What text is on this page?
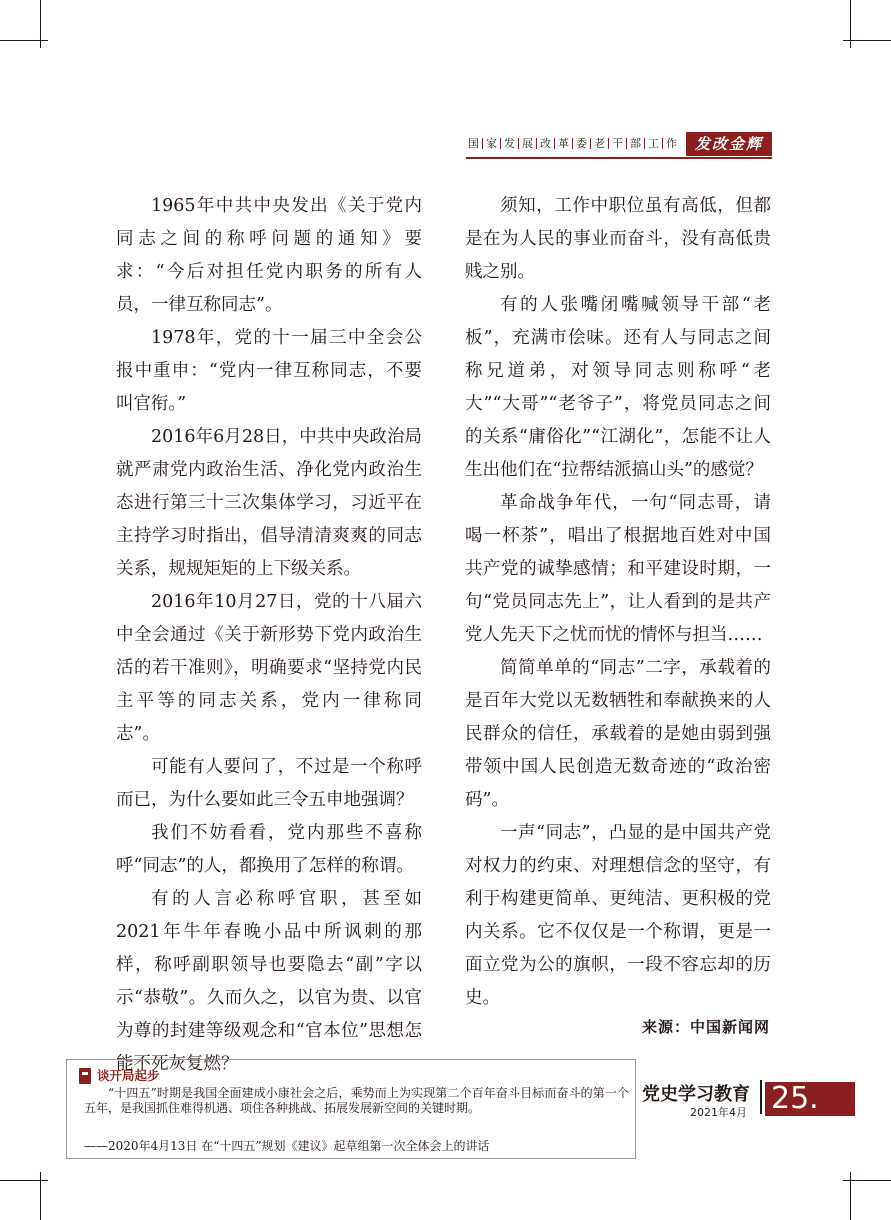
国 家 发 展 改 革 委 老 干 部 工 作	发改金辉

1965年中共中央发出《关于党内同志之间的称呼问题的通知》要求：“今后对担任党内职务的所有人员，一律互称同志”。

1978年，党的十一届三中全会公报中重申：“党内一律互称同志，不要叫官衔。”

2016年6月28日，中共中央政治局就严肃党内政治生活、净化党内政治生态进行第三十三次集体学习，习近平在主持学习时指出，倡导清清爽爽的同志关系，规规矩矩的上下级关系。

2016年10月27日，党的十八届六中全会通过《关于新形势下党内政治生活的若干准则》，明确要求“坚持党内民主平等的同志关系，党内一律称同志”。

可能有人要问了，不过是一个称呼而已，为什么要如此三令五申地强调？

我们不妨看看，党内那些不喜称呼“同志”的人，都换用了怎样的称谓。

有的人言必称呼官职，甚至如2021年牛年春晚小品中所讽刺的那样，称呼副职领导也要隐去“副”字以示“恭敬”。久而久之，以官为贵、以官为尊的封建等级观念和“官本位”思想怎能不死灰复燃？

须知，工作中职位虽有高低，但都是在为人民的事业而奋斗，没有高低贵贱之别。

有的人张嘴闭嘴喊领导干部“老板”，充满市侩味。还有人与同志之间称兄道弟，对领导同志则称呼“老大”“大哥”“老爷子”，将党员同志之间的关系“庸俗化”“江湖化”，怎能不让人生出他们在“拉帮结派搞山头”的感觉？

革命战争年代，一句“同志哥，请喝一杯茶”，唱出了根据地百姓对中国共产党的诚挚感情；和平建设时期，一句“党员同志先上”，让人看到的是共产党人先天下之忧而忧的情怀与担当……

简简单单的“同志”二字，承载着的是百年大党以无数牺牲和奉献换来的人民群众的信任，承载着的是她由弱到强带领中国人民创造无数奇迹的“政治密码”。

一声“同志”，凸显的是中国共产党对权力的约束、对理想信念的坚守，有利于构建更简单、更纯洁、更积极的党内关系。它不仅仅是一个称谓，更是一面立党为公的旗帜，一段不容忘却的历史。

来源：中国新闻网
谈开局起步

“十四五”时期是我国全面建成小康社会之后，乘势而上为实现第二个百年奋斗目标而奋斗的第一个五年，是我国抓住难得机遇、项住各种挑战、拓展发展新空间的关键时期。

——2020年4月13日 在“十四五”规划《建议》起草组第一次全体会上的讲话
党史学习教育
2021年4月 25.
